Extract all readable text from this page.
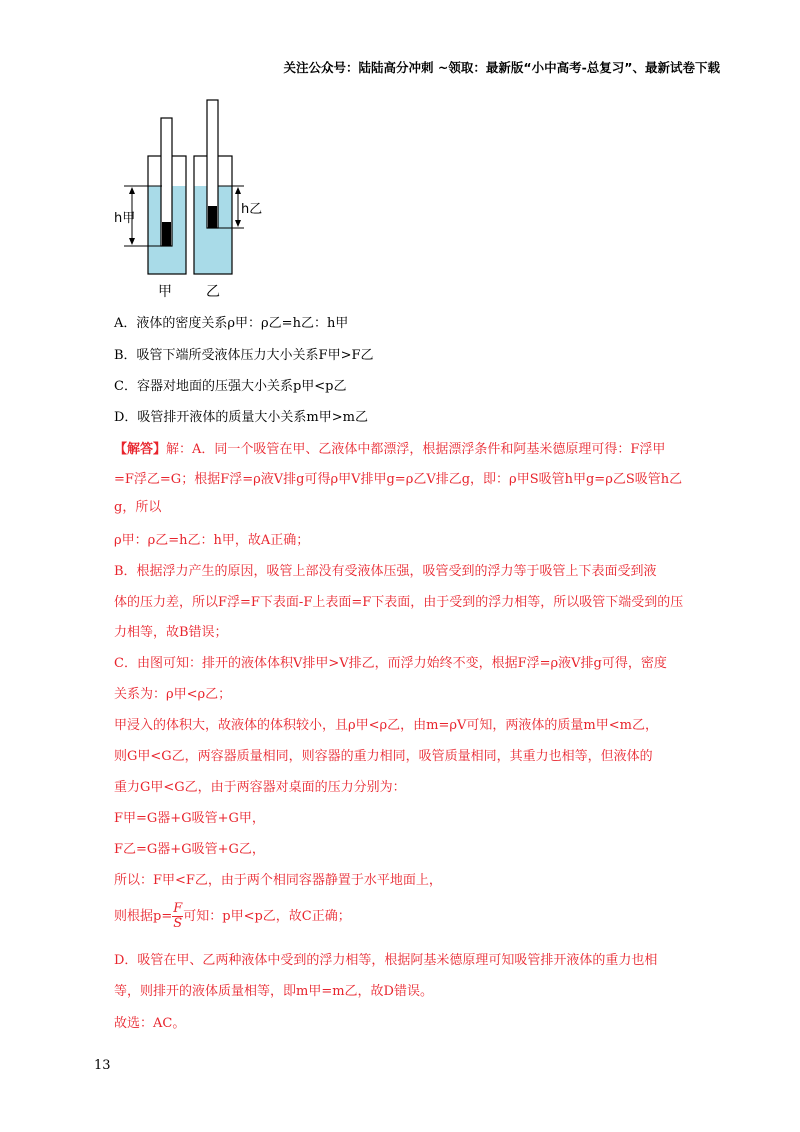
关注公众号：陆陆高分冲刺 ~领取：最新版“小中高考-总复习”、最新试卷下载
h甲
h乙
甲 乙
A．液体的密度关系ρ甲：ρ乙=h乙：h甲
B．吸管下端所受液体压力大小关系F甲>F乙
C．容器对地面的压强大小关系p甲<p乙
D．吸管排开液体的质量大小关系m甲>m乙
【解答】解：A．同一个吸管在甲、乙液体中都漂浮，根据漂浮条件和阿基米德原理可得：F浮甲
=F浮乙=G；根据F浮=ρ液V排g可得ρ甲V排甲g=ρ乙V排乙g，即：ρ甲S吸管h甲g=ρ乙S吸管h乙
g，所以
ρ甲：ρ乙=h乙：h甲，故A正确；
B．根据浮力产生的原因，吸管上部没有受液体压强，吸管受到的浮力等于吸管上下表面受到液
体的压力差，所以F浮=F下表面-F上表面=F下表面，由于受到的浮力相等，所以吸管下端受到的压
力相等，故B错误；
C．由图可知：排开的液体体积V排甲>V排乙，而浮力始终不变，根据F浮=ρ液V排g可得，密度
关系为：ρ甲<ρ乙；
甲浸入的体积大，故液体的体积较小，且ρ甲<ρ乙，由m=ρV可知，两液体的质量m甲<m乙，
则G甲<G乙，两容器质量相同，则容器的重力相同，吸管质量相同，其重力也相等，但液体的
重力G甲<G乙，由于两容器对桌面的压力分别为：
F甲=G器+G吸管+G甲，
F乙=G器+G吸管+G乙，
所以：F甲<F乙，由于两个相同容器静置于水平地面上，
则根据$p= \frac{F}{S}$ 可知：p甲<p乙，故C正确；
D．吸管在甲、乙两种液体中受到的浮力相等，根据阿基米德原理可知吸管排开液体的重力也相
等，则排开的液体质量相等，即m甲=m乙，故D错误。
故选：AC。
13
